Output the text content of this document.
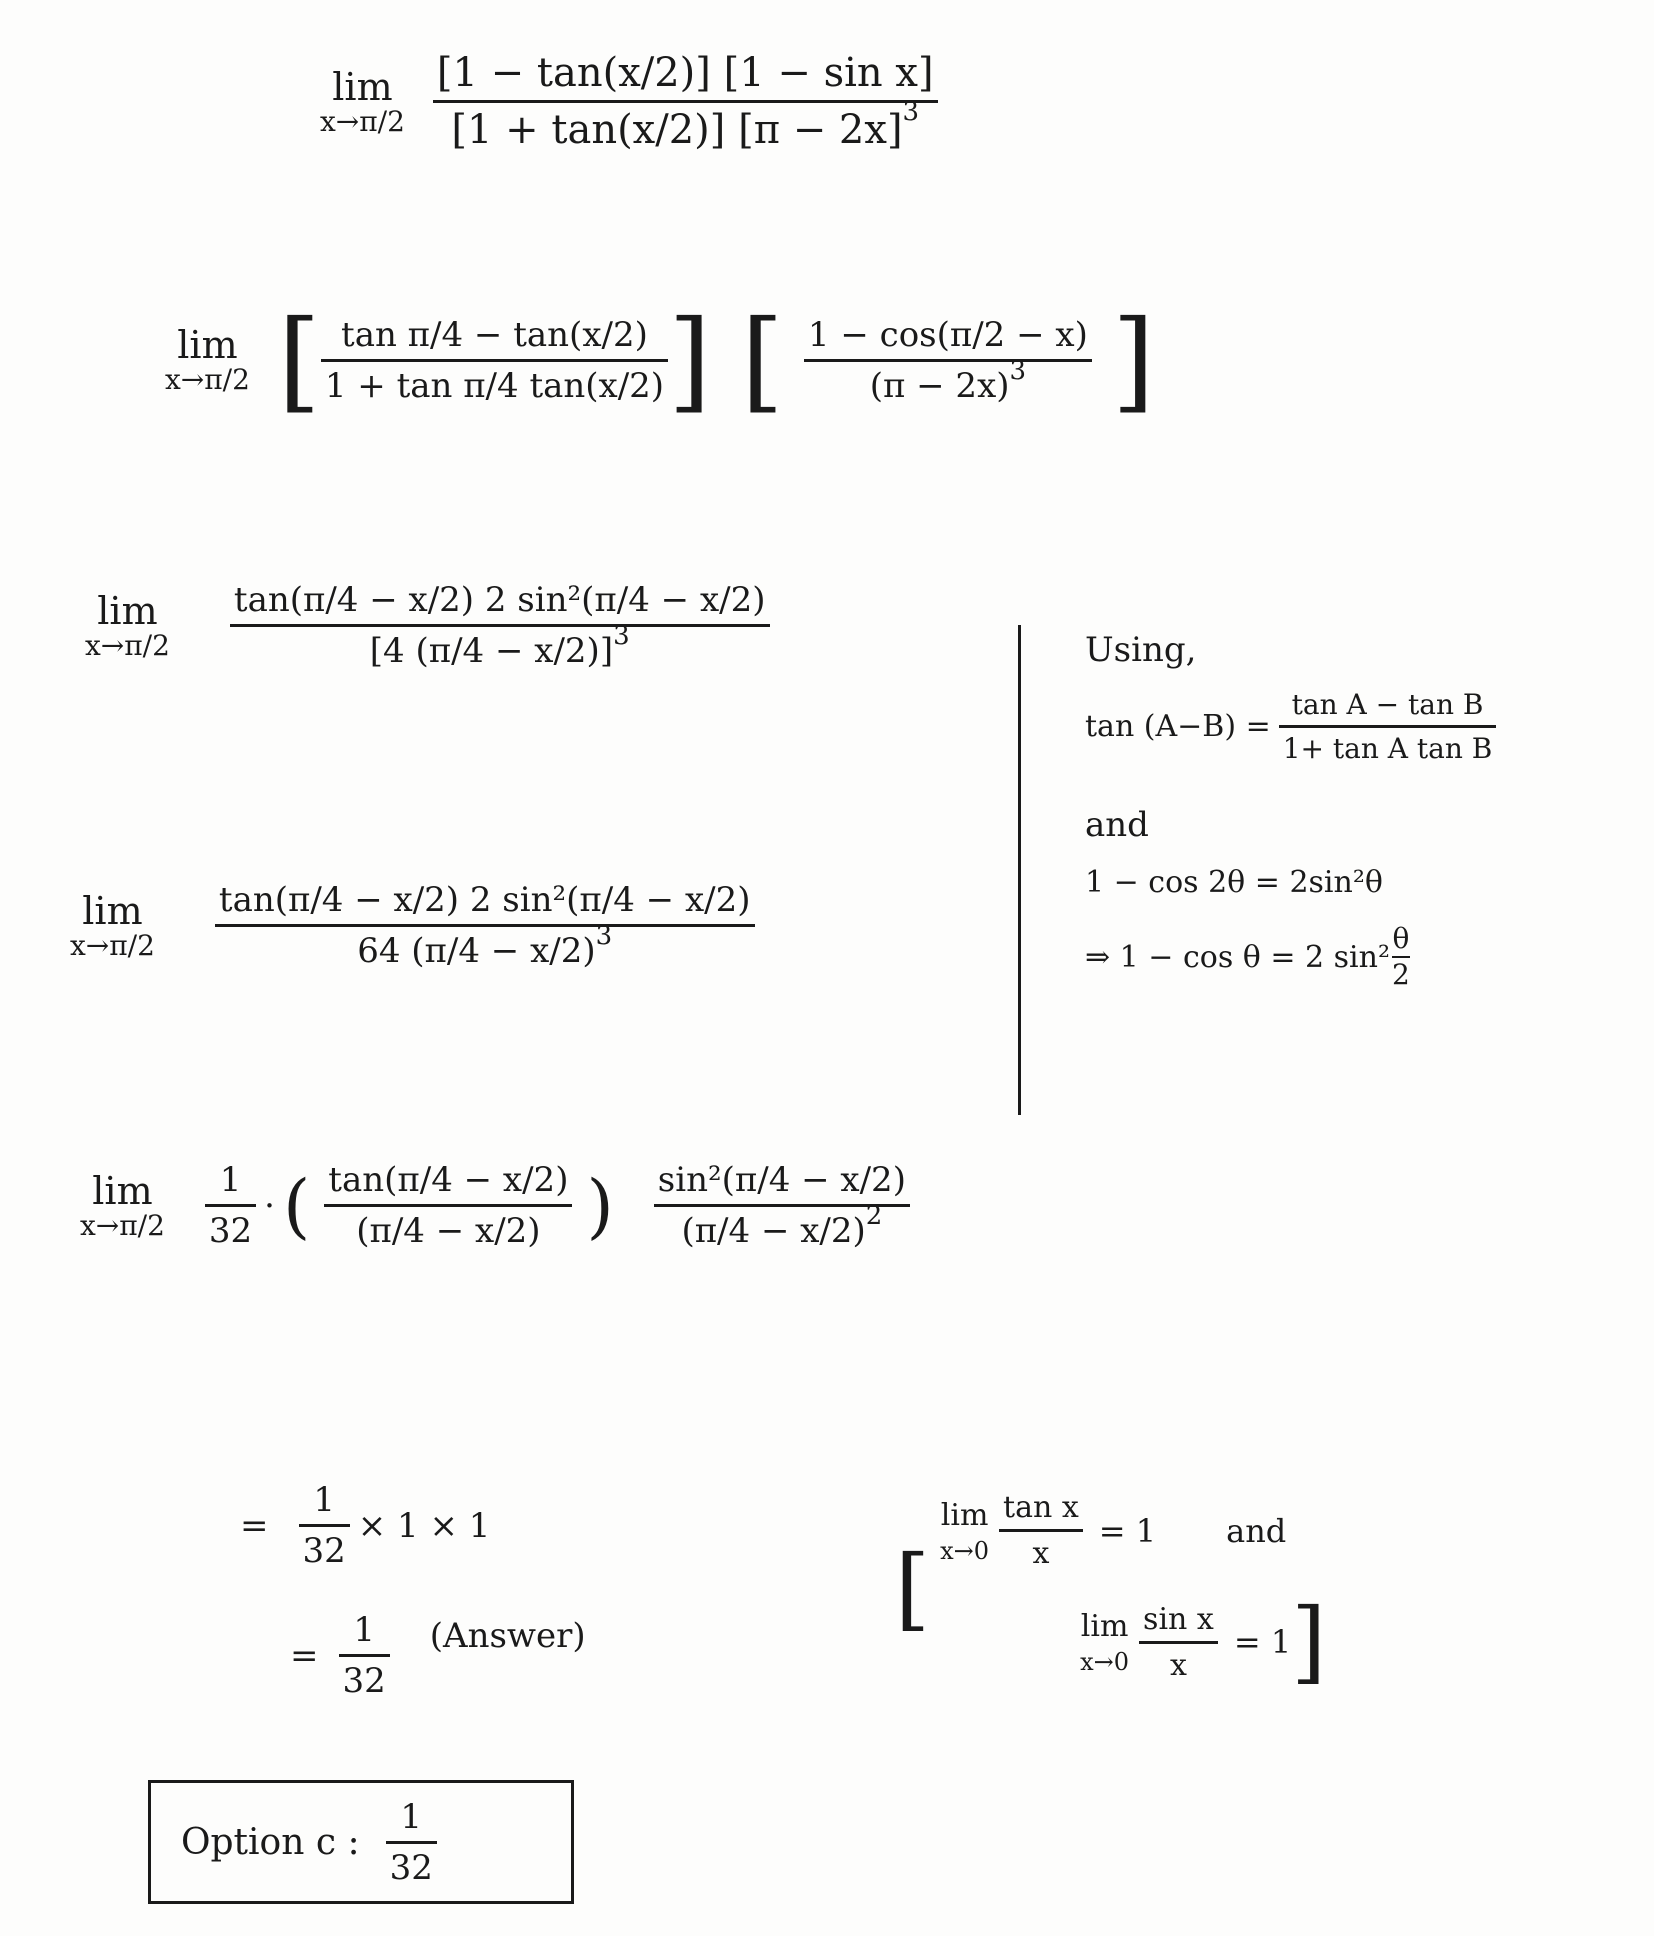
lim
x→π/2
[1 − tan(x/2)] [1 − sin x]
[1 + tan(x/2)] $[\pi - 2x]^3$
lim
x→π/2 [ tan π/4 − tan(x/2)
1 + tan π/4 tan(x/2) ] [ 1 − cos(π/2 − x)
$(\pi - 2x)^3$ ]
lim
x→π/2
tan(π/4 − x/2) 2 sin²(π/4 − x/2)
[4 (π/4 − x/2)]$^3$
lim
x→π/2
tan(π/4 − x/2) 2 sin²(π/4 − x/2)
64 $(\pi/4 - x/2)^3$
Using,
tan (A−B) =
tan A − tan B
1+ tan A tan B
and
1 − cos 2θ = 2sin²θ
⇒ 1 − cos θ = 2 sin²
θ
2
lim
x→π/2
1
32
· ( tan(π/4 − x/2)
(π/4 − x/2) ) sin²(π/4 − x/2)
$(\pi/4 - x/2)^2$
=
1
32
× 1 × 1
=
1
32
(Answer)	[
lim
x→0
tan x
x
= 1 and
lim
x→0
sin x
x
= 1 ]
Option c :
1
32
